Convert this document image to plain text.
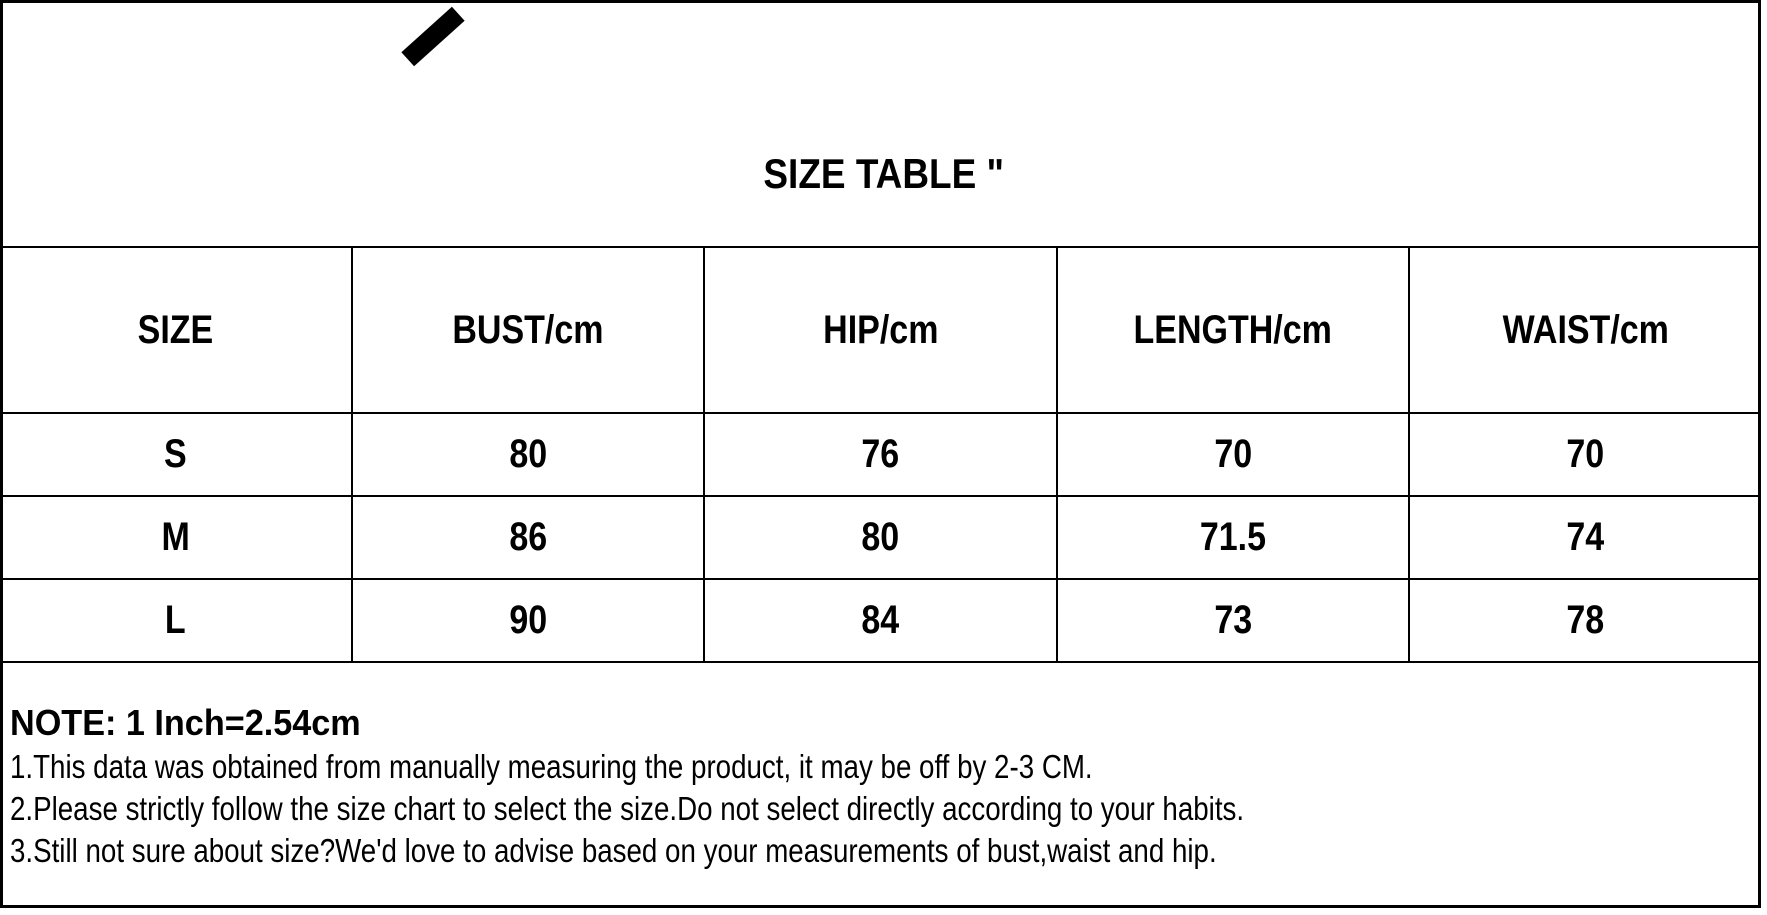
SIZE TABLE "
SIZE	BUST/cm	HIP/cm	LENGTH/cm	WAIST/cm
S	80	76	70	70
M	86	80	71.5	74
L	90	84	73	78
NOTE: 1 Inch=2.54cm
1.This data was obtained from manually measuring the product, it may be off by 2-3 CM.
2.Please strictly follow the size chart to select the size.Do not select directly according to your habits.
3.Still not sure about size?We'd love to advise based on your measurements of bust,waist and hip.
